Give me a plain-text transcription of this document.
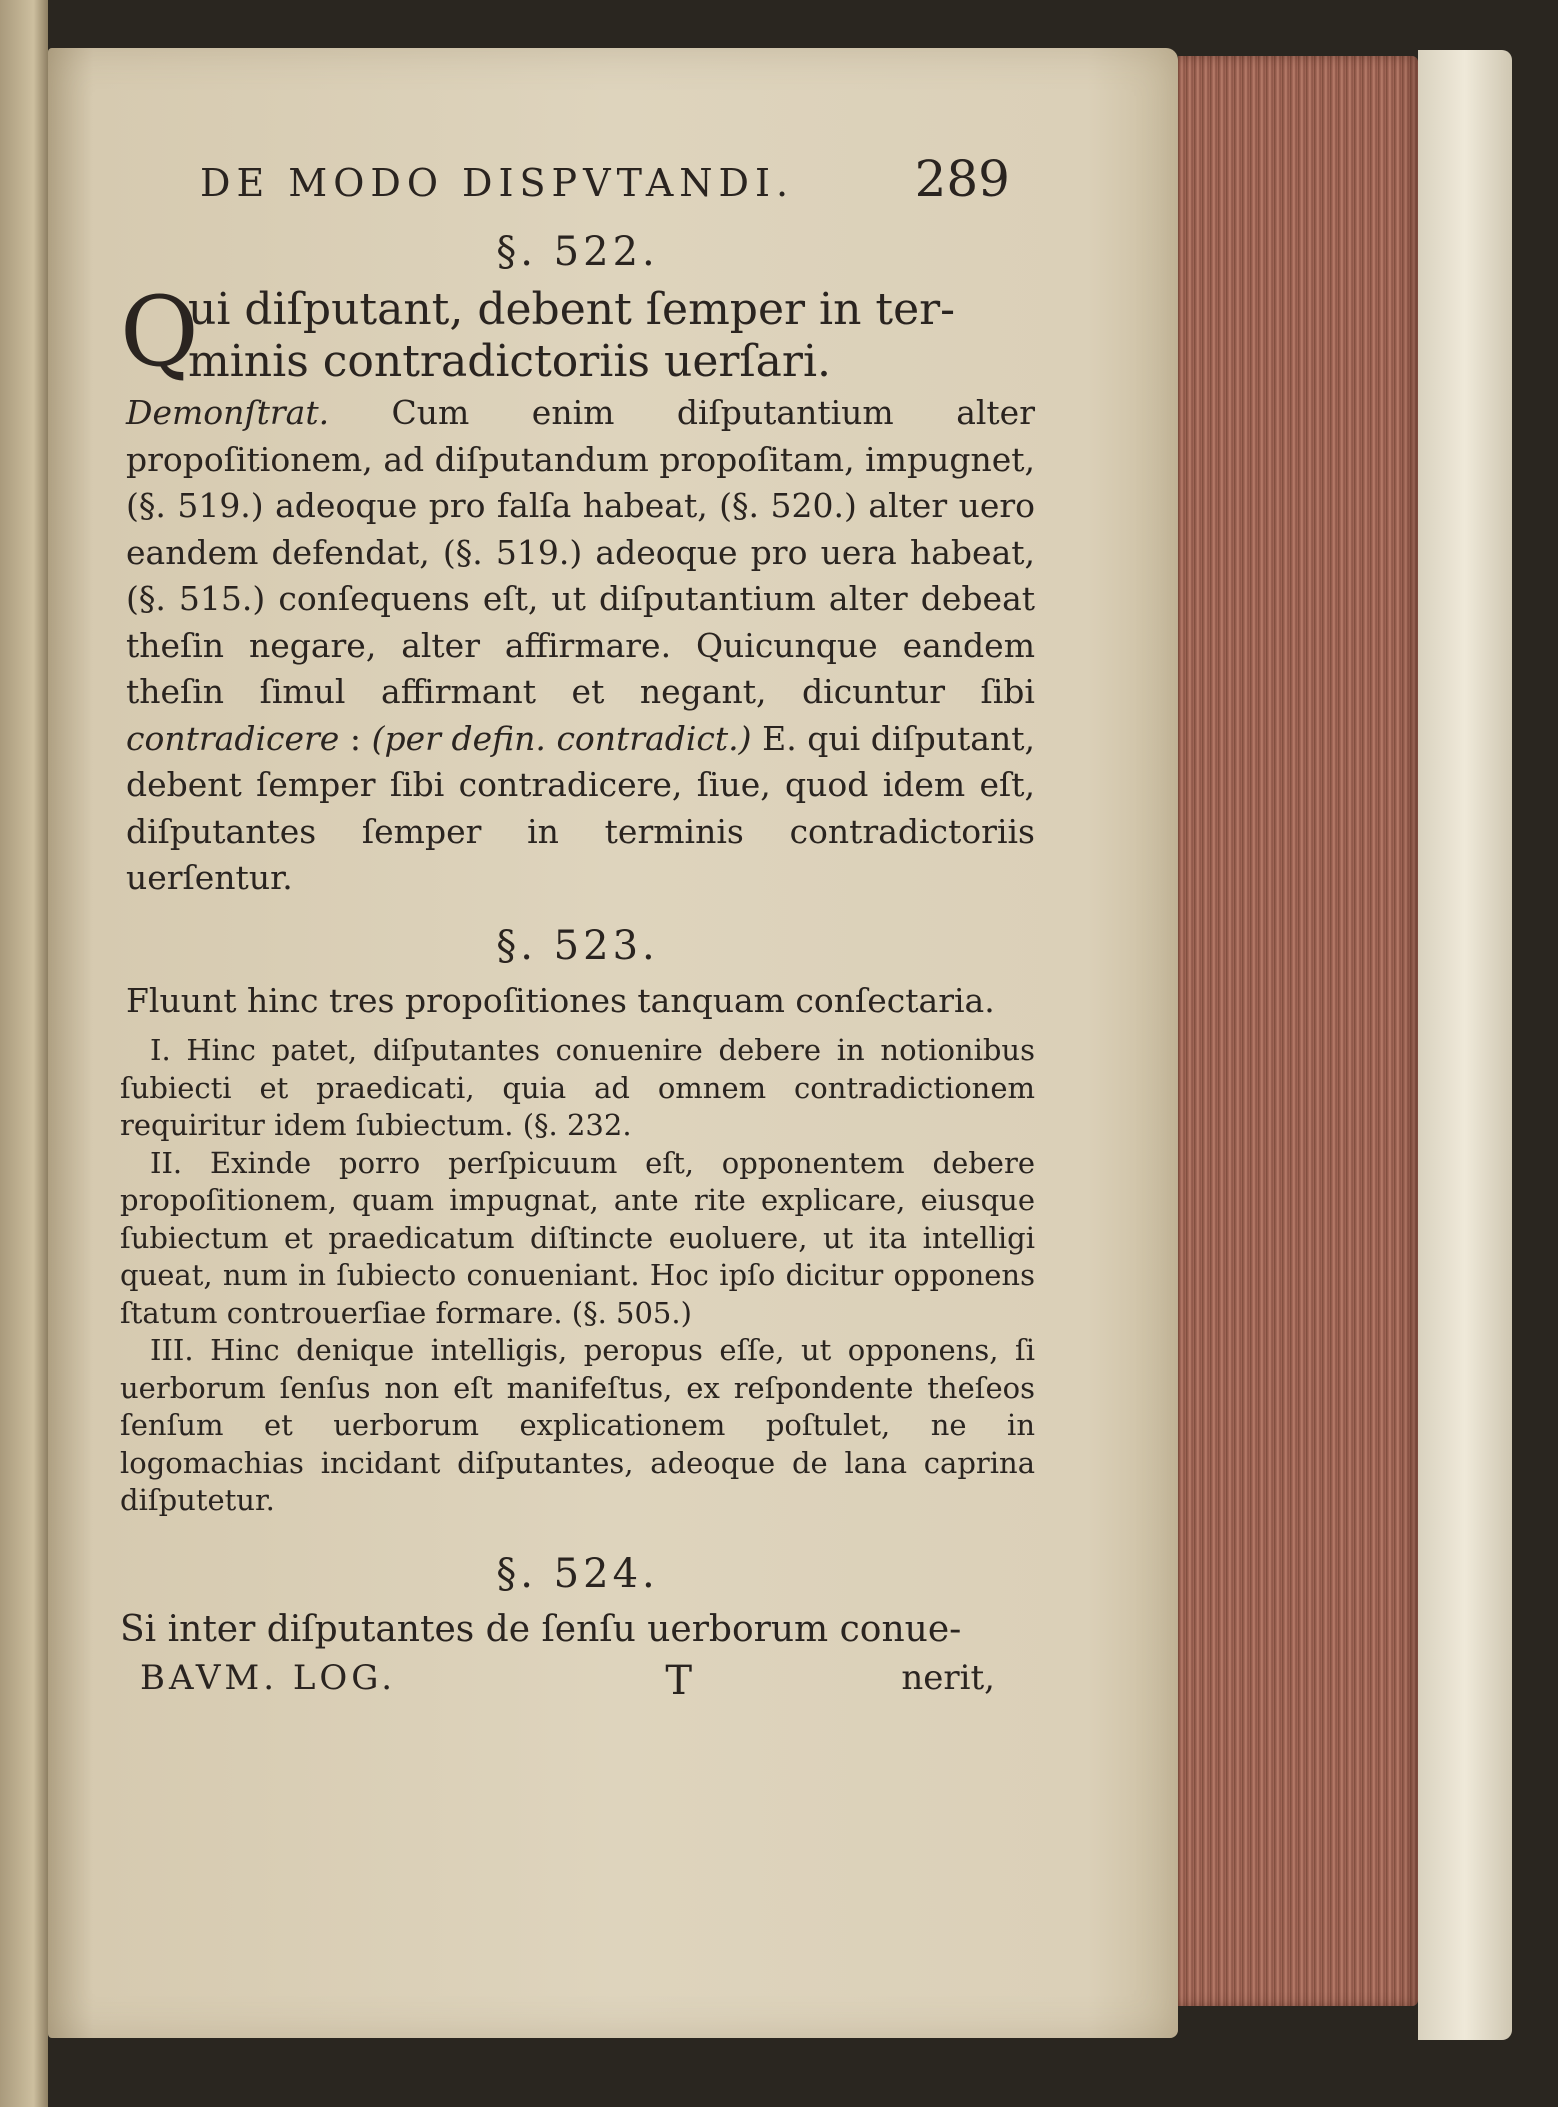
DE MODO DISPVTANDI. 289
§. 522.
Q
ui diſputant, debent ſemper in ter-
minis contradictoriis uerſari.
Demonſtrat. Cum enim diſputantium alter propoſitionem, ad diſputandum propoſitam, impugnet, (§. 519.) adeoque pro falſa habeat, (§. 520.) alter uero eandem defendat, (§. 519.) adeoque pro uera habeat, (§. 515.) conſequens eſt, ut diſputantium alter debeat theſin negare, alter affirmare. Quicunque eandem theſin ſimul affirmant et negant, dicuntur ſibi contradicere : (per defin. contradict.) E. qui diſputant, debent ſemper ſibi contradicere, ſiue, quod idem eſt, diſputantes ſemper in terminis contradictoriis uerſentur.
§. 523.
Fluunt hinc tres propoſitiones tanquam conſectaria.
I. Hinc patet, diſputantes conuenire debere in notionibus ſubiecti et praedicati, quia ad omnem contradictionem requiritur idem ſubiectum. (§. 232.
II. Exinde porro perſpicuum eſt, opponentem debere propoſitionem, quam impugnat, ante rite explicare, eiusque ſubiectum et praedicatum diſtincte euoluere, ut ita intelligi queat, num in ſubiecto conueniant. Hoc ipſo dicitur opponens ſtatum controuerſiae formare. (§. 505.)
III. Hinc denique intelligis, peropus eſſe, ut opponens, ſi uerborum ſenſus non eſt manifeſtus, ex reſpondente theſeos ſenſum et uerborum explicationem poſtulet, ne in logomachias incidant diſputantes, adeoque de lana caprina diſputetur.
§. 524.
Si inter diſputantes de ſenſu uerborum conue-
BAVM. LOG.	T	nerit,
